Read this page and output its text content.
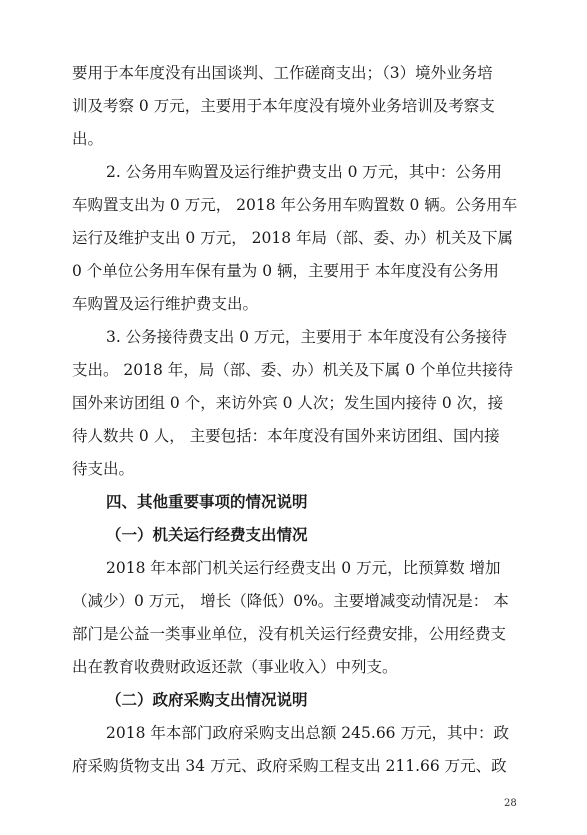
要用于本年度没有出国谈判、工作磋商支出；（3）境外业务培
训及考察 0 万元，主要用于本年度没有境外业务培训及考察支
出。
2. 公务用车购置及运行维护费支出 0 万元，其中：公务用
车购置支出为 0 万元， 2018 年公务用车购置数 0 辆。公务用车
运行及维护支出 0 万元， 2018 年局（部、委、办）机关及下属
0 个单位公务用车保有量为 0 辆，主要用于 本年度没有公务用
车购置及运行维护费支出。
3. 公务接待费支出 0 万元，主要用于 本年度没有公务接待
支出。 2018 年，局（部、委、办）机关及下属 0 个单位共接待
国外来访团组 0 个，来访外宾 0 人次；发生国内接待 0 次，接
待人数共 0 人， 主要包括：本年度没有国外来访团组、国内接
待支出。
四、其他重要事项的情况说明
（一）机关运行经费支出情况
2018 年本部门机关运行经费支出 0 万元，比预算数 增加
（减少）0 万元， 增长（降低）0%。主要增减变动情况是： 本
部门是公益一类事业单位，没有机关运行经费安排，公用经费支
出在教育收费财政返还款（事业收入）中列支。
（二）政府采购支出情况说明
2018 年本部门政府采购支出总额 245.66 万元，其中：政
府采购货物支出 34 万元、政府采购工程支出 211.66 万元、政
28
